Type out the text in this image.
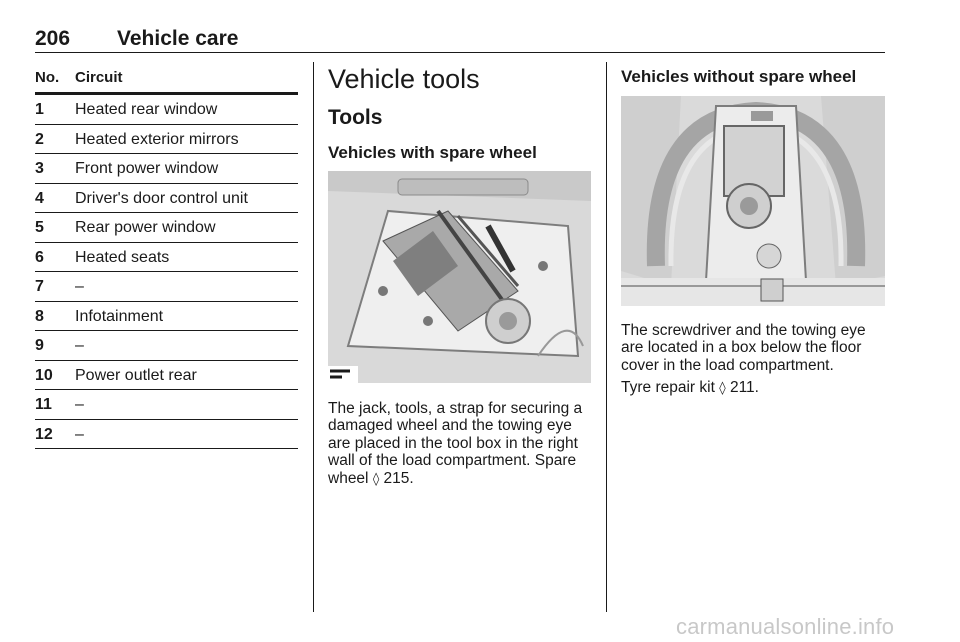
206 Vehicle care
No. Circuit
1 Heated rear window
2 Heated exterior mirrors
3 Front power window
4 Driver's door control unit
5 Rear power window
6 Heated seats
7 –
8 Infotainment
9 –
10 Power outlet rear
11 –
12 –
Vehicle tools
Tools
Vehicles with spare wheel

The jack, tools, a strap for securing a
damaged wheel and the towing eye
are placed in the tool box in the right
wall of the load compartment. Spare
wheel ◊ 215.

Vehicles without spare wheel

The screwdriver and the towing eye
are located in a box below the floor
cover in the load compartment.

Tyre repair kit ◊ 211.

carmanualsonline.info
